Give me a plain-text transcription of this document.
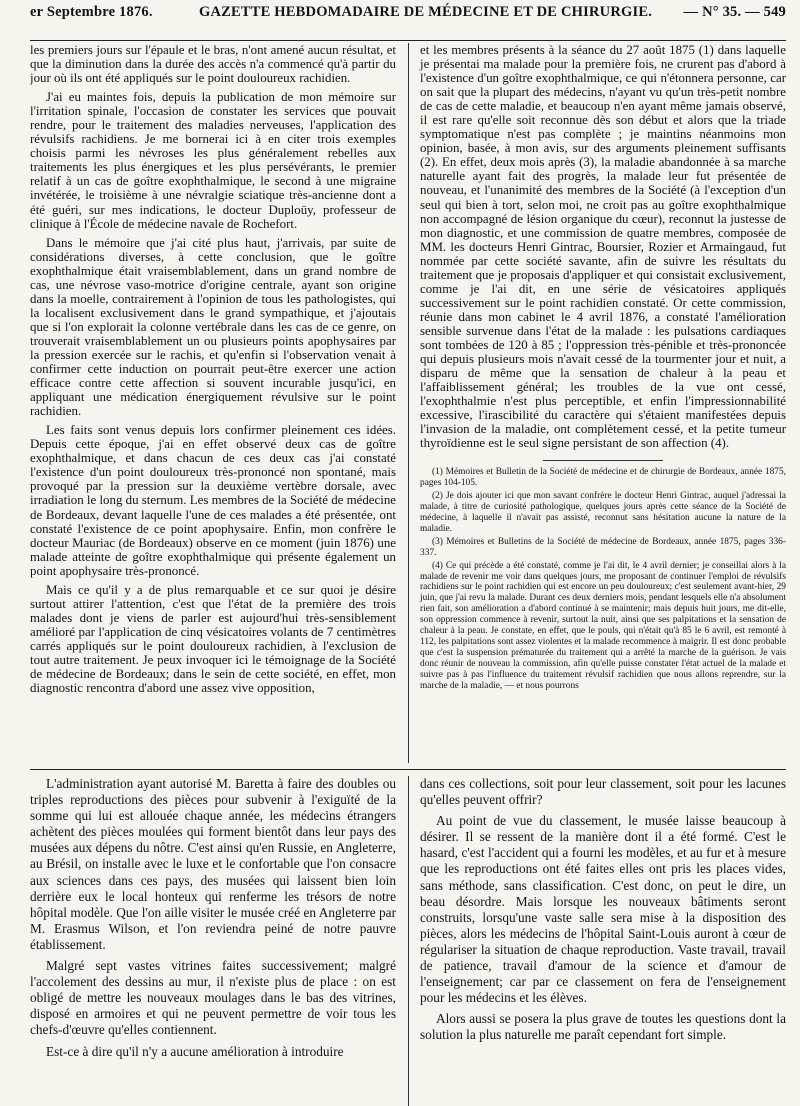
er Septembre 1876.	GAZETTE HEBDOMADAIRE DE MÉDECINE ET DE CHIRURGIE.	— N° 35. — 549

les premiers jours sur l'épaule et le bras, n'ont amené aucun résultat, et que la diminution dans la durée des accès n'a commencé qu'à partir du jour où ils ont été appliqués sur le point douloureux rachidien.

J'ai eu maintes fois, depuis la publication de mon mémoire sur l'irritation spinale, l'occasion de constater les services que pouvait rendre, pour le traitement des maladies nerveuses, l'application des révulsifs rachidiens. Je me bornerai ici à en citer trois exemples choisis parmi les névroses les plus généralement rebelles aux traitements les plus énergiques et les plus persévérants, le premier relatif à un cas de goître exophthalmique, le second à une migraine invétérée, le troisième à une névralgie sciatique très-ancienne dont a été guéri, sur mes indications, le docteur Duploüy, professeur de clinique à l'École de médecine navale de Rochefort.

Dans le mémoire que j'ai cité plus haut, j'arrivais, par suite de considérations diverses, à cette conclusion, que le goître exophthalmique était vraisemblablement, dans un grand nombre de cas, une névrose vaso-motrice d'origine centrale, ayant son origine dans la moelle, contrairement à l'opinion de tous les pathologistes, qui la localisent exclusivement dans le grand sympathique, et j'ajoutais que si l'on explorait la colonne vertébrale dans les cas de ce genre, on trouverait vraisemblablement un ou plusieurs points apophysaires par la pression exercée sur le rachis, et qu'enfin si l'observation venait à confirmer cette induction on pourrait peut-être exercer une action efficace contre cette affection si souvent incurable jusqu'ici, en appliquant une médication énergiquement révulsive sur le point rachidien.

Les faits sont venus depuis lors confirmer pleinement ces idées. Depuis cette époque, j'ai en effet observé deux cas de goître exophthalmique, et dans chacun de ces deux cas j'ai constaté l'existence d'un point douloureux très-prononcé non spontané, mais provoqué par la pression sur la deuxième vertèbre dorsale, avec irradiation le long du sternum. Les membres de la Société de médecine de Bordeaux, devant laquelle l'une de ces malades a été présentée, ont constaté l'existence de ce point apophysaire. Enfin, mon confrère le docteur Mauriac (de Bordeaux) observe en ce moment (juin 1876) une malade atteinte de goître exophthalmique qui présente également un point apophysaire très-prononcé.

Mais ce qu'il y a de plus remarquable et ce sur quoi je désire surtout attirer l'attention, c'est que l'état de la première des trois malades dont je viens de parler est aujourd'hui très-sensiblement amélioré par l'application de cinq vésicatoires volants de 7 centimètres carrés appliqués sur le point douloureux rachidien, à l'exclusion de tout autre traitement. Je peux invoquer ici le témoignage de la Société de médecine de Bordeaux; dans le sein de cette société, en effet, mon diagnostic rencontra d'abord une assez vive opposition,

et les membres présents à la séance du 27 août 1875 (1) dans laquelle je présentai ma malade pour la première fois, ne crurent pas d'abord à l'existence d'un goître exophthalmique, ce qui n'étonnera personne, car on sait que la plupart des médecins, n'ayant vu qu'un très-petit nombre de cas de cette maladie, et beaucoup n'en ayant même jamais observé, il est rare qu'elle soit reconnue dès son début et alors que la triade symptomatique n'est pas complète ; je maintins néanmoins mon opinion, basée, à mon avis, sur des arguments pleinement suffisants (2). En effet, deux mois après (3), la maladie abandonnée à sa marche naturelle ayant fait des progrès, la malade leur fut présentée de nouveau, et l'unanimité des membres de la Société (à l'exception d'un seul qui bien à tort, selon moi, ne croit pas au goître exophthalmique non accompagné de lésion organique du cœur), reconnut la justesse de mon diagnostic, et une commission de quatre membres, composée de MM. les docteurs Henri Gintrac, Boursier, Rozier et Armaingaud, fut nommée par cette société savante, afin de suivre les résultats du traitement que je proposais d'appliquer et qui consistait exclusivement, comme je l'ai dit, en une série de vésicatoires appliqués successivement sur le point rachidien constaté. Or cette commission, réunie dans mon cabinet le 4 avril 1876, a constaté l'amélioration sensible survenue dans l'état de la malade : les pulsations cardiaques sont tombées de 120 à 85 ; l'oppression très-pénible et très-prononcée qui depuis plusieurs mois n'avait cessé de la tourmenter jour et nuit, a disparu de même que la sensation de chaleur à la peau et l'affaiblissement général; les troubles de la vue ont cessé, l'exophthalmie n'est plus perceptible, et enfin l'impressionnabilité excessive, l'irascibilité du caractère qui s'étaient manifestées depuis l'invasion de la maladie, ont complètement cessé, et la petite tumeur thyroïdienne est le seul signe persistant de son affection (4).

(1) Mémoires et Bulletin de la Société de médecine et de chirurgie de Bordeaux, année 1875, pages 104-105.

(2) Je dois ajouter ici que mon savant confrère le docteur Henri Gintrac, auquel j'adressai la malade, à titre de curiosité pathologique, quelques jours après cette séance de la Société de médecine, à laquelle il n'avait pas assisté, reconnut sans hésitation aucune la nature de la maladie.

(3) Mémoires et Bulletins de la Société de médecine de Bordeaux, année 1875, pages 336-337.

(4) Ce qui précède a été constaté, comme je l'ai dit, le 4 avril dernier; je conseillai alors à la malade de revenir me voir dans quelques jours, me proposant de continuer l'emploi de révulsifs rachidiens sur le point rachidien qui est encore un peu douloureux; c'est seulement avant-hier, 29 juin, que j'ai revu la malade. Durant ces deux derniers mois, pendant lesquels elle n'a absolument rien fait, son amélioration a d'abord continué à se maintenir; mais depuis huit jours, me dit-elle, son oppression commence à revenir, surtout la nuit, ainsi que ses palpitations et la sensation de chaleur à la peau. Je constate, en effet, que le pouls, qui n'était qu'à 85 le 6 avril, est remonté à 112, les palpitations sont assez violentes et la malade recommence à maigrir. Il est donc probable que c'est la suspension prématurée du traitement qui a arrêté la marche de la guérison. Je vais donc réunir de nouveau la commission, afin qu'elle puisse constater l'état actuel de la malade et suivre pas à pas l'influence du traitement révulsif rachidien que nous allons reprendre, sur la marche de la maladie, — et nous pourrons

L'administration ayant autorisé M. Baretta à faire des doubles ou triples reproductions des pièces pour subvenir à l'exiguïté de la somme qui lui est allouée chaque année, les médecins étrangers achètent des pièces moulées qui forment bientôt dans leur pays des musées aux dépens du nôtre. C'est ainsi qu'en Russie, en Angleterre, au Brésil, on installe avec le luxe et le confortable que l'on consacre aux sciences dans ces pays, des musées qui laissent bien loin derrière eux le local honteux qui renferme les trésors de notre hôpital modèle. Que l'on aille visiter le musée créé en Angleterre par M. Erasmus Wilson, et l'on reviendra peiné de notre pauvre établissement.

Malgré sept vastes vitrines faites successivement; malgré l'accolement des dessins au mur, il n'existe plus de place : on est obligé de mettre les nouveaux moulages dans le bas des vitrines, disposé en armoires et qui ne peuvent permettre de voir tous les chefs-d'œuvre qu'elles contiennent.

Est-ce à dire qu'il n'y a aucune amélioration à introduire

dans ces collections, soit pour leur classement, soit pour les lacunes qu'elles peuvent offrir?

Au point de vue du classement, le musée laisse beaucoup à désirer. Il se ressent de la manière dont il a été formé. C'est le hasard, c'est l'accident qui a fourni les modèles, et au fur et à mesure que les reproductions ont été faites elles ont pris les places vides, sans méthode, sans classification. C'est donc, on peut le dire, un beau désordre. Mais lorsque les nouveaux bâtiments seront construits, lorsqu'une vaste salle sera mise à la disposition des pièces, alors les médecins de l'hôpital Saint-Louis auront à cœur de régulariser la situation de chaque reproduction. Vaste travail, travail de patience, travail d'amour de la science et d'amour de l'enseignement; car par ce classement on fera de l'enseignement pour les médecins et les élèves.

Alors aussi se posera la plus grave de toutes les questions dont la solution la plus naturelle me paraît cependant fort simple.
